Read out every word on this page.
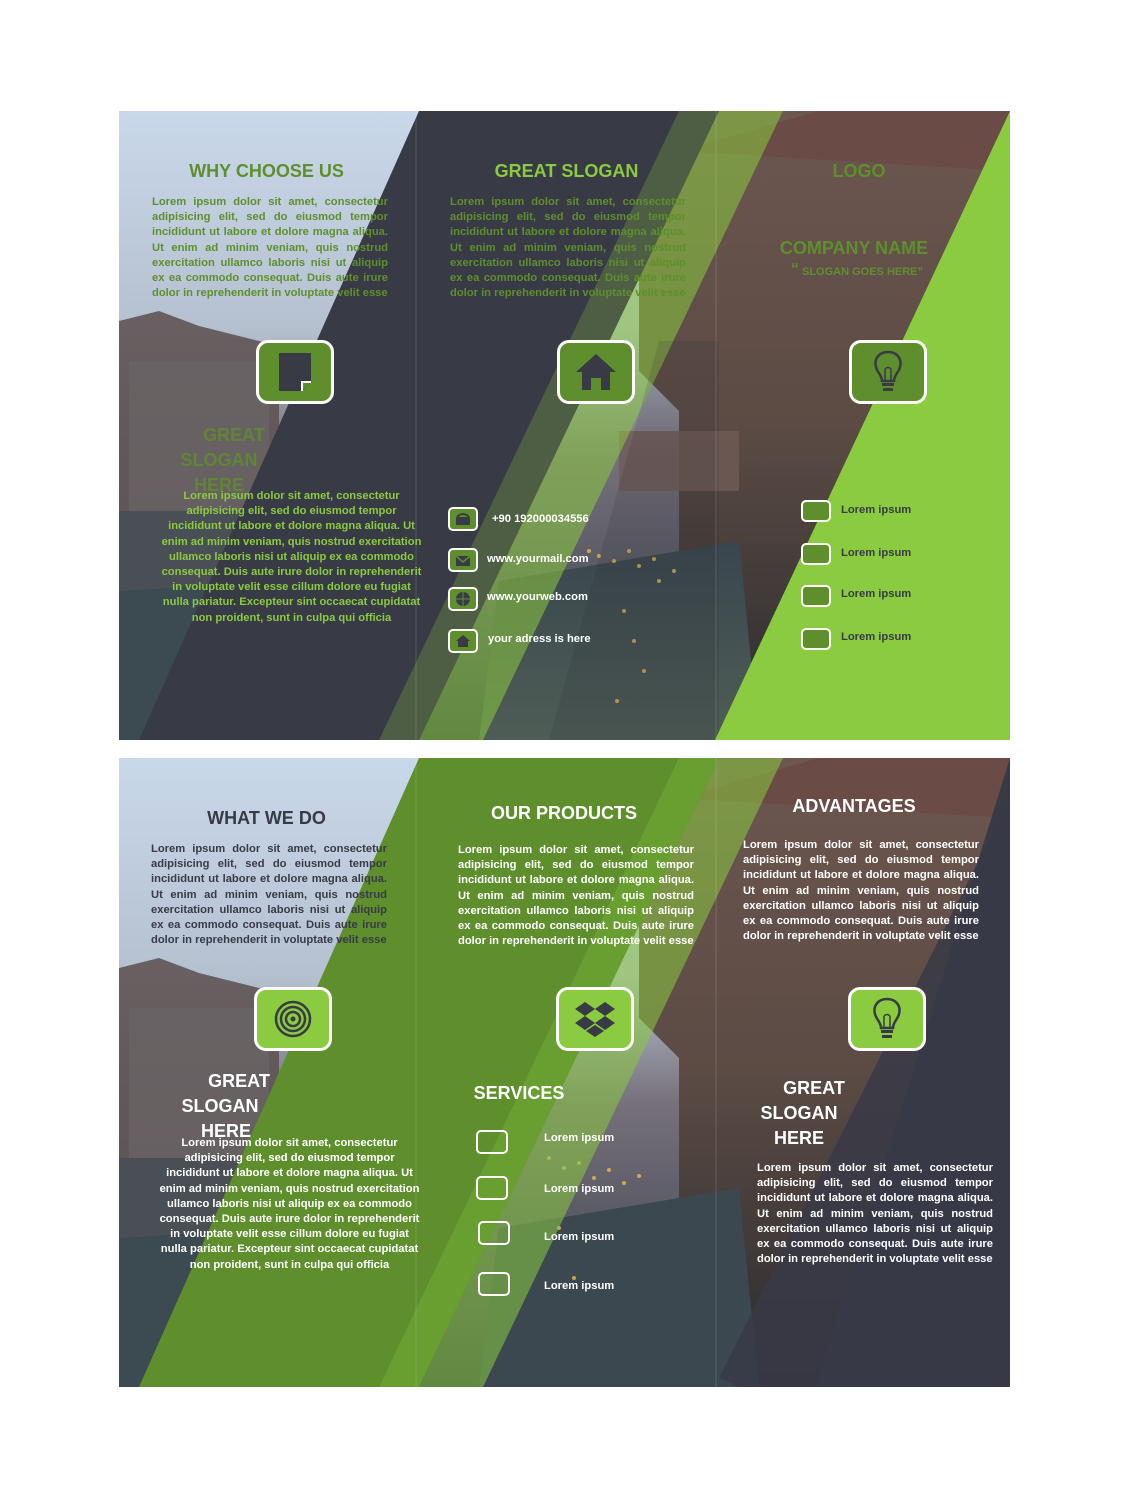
WHY CHOOSE US
Lorem ipsum dolor sit amet, consectetur adipisicing elit, sed do eiusmod tempor incididunt ut labore et dolore magna aliqua. Ut enim ad minim veniam, quis nostrud exercitation ullamco laboris nisi ut aliquip ex ea commodo consequat. Duis aute irure dolor in reprehenderit in voluptate velit esse
GREAT
SLOGAN
HERE
Lorem ipsum dolor sit amet, consectetur adipisicing elit, sed do eiusmod tempor incididunt ut labore et dolore magna aliqua. Ut enim ad minim veniam, quis nostrud exercitation ullamco laboris nisi ut aliquip ex ea commodo consequat. Duis aute irure dolor in reprehenderit in voluptate velit esse cillum dolore eu fugiat nulla pariatur. Excepteur sint occaecat cupidatat non proident, sunt in culpa qui officia
GREAT SLOGAN
Lorem ipsum dolor sit amet, consectetur adipisicing elit, sed do eiusmod tempor incididunt ut labore et dolore magna aliqua. Ut enim ad minim veniam, quis nostrud exercitation ullamco laboris nisi ut aliquip ex ea commodo consequat. Duis aute irure dolor in reprehenderit in voluptate velit esse
+90 192000034556
www.yourmail.com
www.yourweb.com
your adress is here
LOGO
COMPANY NAME
“ SLOGAN GOES HERE”
Lorem ipsum
Lorem ipsum
Lorem ipsum
Lorem ipsum
WHAT WE DO
Lorem ipsum dolor sit amet, consectetur adipisicing elit, sed do eiusmod tempor incididunt ut labore et dolore magna aliqua. Ut enim ad minim veniam, quis nostrud exercitation ullamco laboris nisi ut aliquip ex ea commodo consequat. Duis aute irure dolor in reprehenderit in voluptate velit esse
GREAT
SLOGAN
HERE
Lorem ipsum dolor sit amet, consectetur adipisicing elit, sed do eiusmod tempor incididunt ut labore et dolore magna aliqua. Ut enim ad minim veniam, quis nostrud exercitation ullamco laboris nisi ut aliquip ex ea commodo consequat. Duis aute irure dolor in reprehenderit in voluptate velit esse cillum dolore eu fugiat nulla pariatur. Excepteur sint occaecat cupidatat non proident, sunt in culpa qui officia
OUR PRODUCTS
Lorem ipsum dolor sit amet, consectetur adipisicing elit, sed do eiusmod tempor incididunt ut labore et dolore magna aliqua. Ut enim ad minim veniam, quis nostrud exercitation ullamco laboris nisi ut aliquip ex ea commodo consequat. Duis aute irure dolor in reprehenderit in voluptate velit esse
SERVICES
Lorem ipsum
Lorem ipsum
Lorem ipsum
Lorem ipsum
ADVANTAGES
Lorem ipsum dolor sit amet, consectetur adipisicing elit, sed do eiusmod tempor incididunt ut labore et dolore magna aliqua. Ut enim ad minim veniam, quis nostrud exercitation ullamco laboris nisi ut aliquip ex ea commodo consequat. Duis aute irure dolor in reprehenderit in voluptate velit esse
GREAT
SLOGAN
HERE
Lorem ipsum dolor sit amet, consectetur adipisicing elit, sed do eiusmod tempor incididunt ut labore et dolore magna aliqua. Ut enim ad minim veniam, quis nostrud exercitation ullamco laboris nisi ut aliquip ex ea commodo consequat. Duis aute irure dolor in reprehenderit in voluptate velit esse
